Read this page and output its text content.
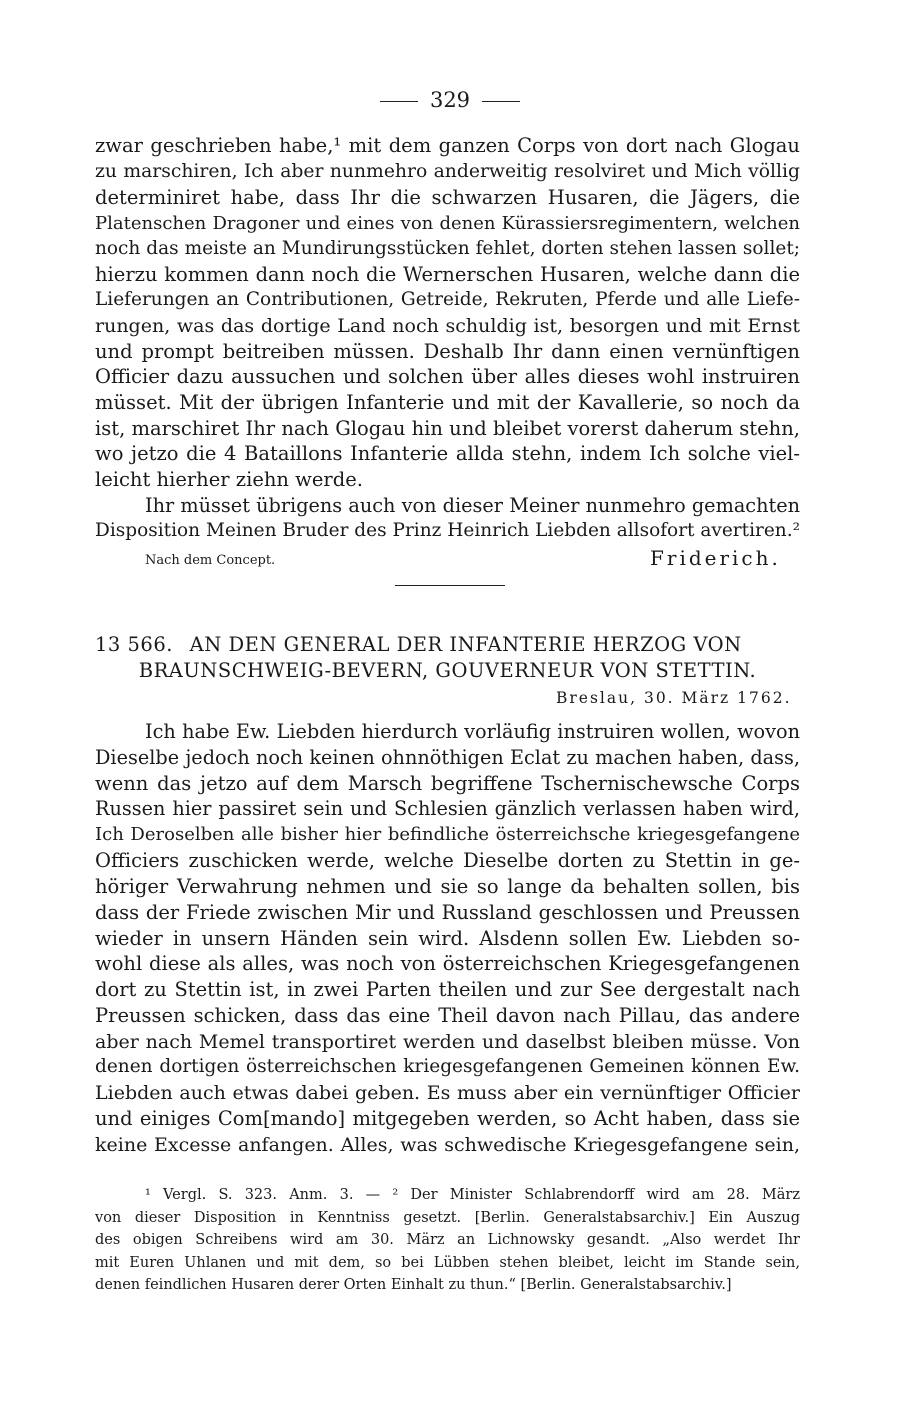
329
zwar geschrieben habe,¹ mit dem ganzen Corps von dort nach Glogau
zu marschiren, Ich aber nunmehro anderweitig resolviret und Mich völlig
determiniret habe, dass Ihr die schwarzen Husaren, die Jägers, die
Platenschen Dragoner und eines von denen Kürassiersregimentern, welchen
noch das meiste an Mundirungsstücken fehlet, dorten stehen lassen sollet;
hierzu kommen dann noch die Wernerschen Husaren, welche dann die
Lieferungen an Contributionen, Getreide, Rekruten, Pferde und alle Liefe-
rungen, was das dortige Land noch schuldig ist, besorgen und mit Ernst
und prompt beitreiben müssen. Deshalb Ihr dann einen vernünftigen
Officier dazu aussuchen und solchen über alles dieses wohl instruiren
müsset. Mit der übrigen Infanterie und mit der Kavallerie, so noch da
ist, marschiret Ihr nach Glogau hin und bleibet vorerst daherum stehn,
wo jetzo die 4 Bataillons Infanterie allda stehn, indem Ich solche viel-
leicht hierher ziehn werde.
Ihr müsset übrigens auch von dieser Meiner nunmehro gemachten
Disposition Meinen Bruder des Prinz Heinrich Liebden allsofort avertiren.²
Nach dem Concept.	Friderich.
13 566. AN DEN GENERAL DER INFANTERIE HERZOG VON
BRAUNSCHWEIG-BEVERN, GOUVERNEUR VON STETTIN.
Breslau, 30. März 1762.
Ich habe Ew. Liebden hierdurch vorläufig instruiren wollen, wovon
Dieselbe jedoch noch keinen ohnnöthigen Eclat zu machen haben, dass,
wenn das jetzo auf dem Marsch begriffene Tschernischewsche Corps
Russen hier passiret sein und Schlesien gänzlich verlassen haben wird,
Ich Deroselben alle bisher hier befindliche österreichsche kriegesgefangene
Officiers zuschicken werde, welche Dieselbe dorten zu Stettin in ge-
höriger Verwahrung nehmen und sie so lange da behalten sollen, bis
dass der Friede zwischen Mir und Russland geschlossen und Preussen
wieder in unsern Händen sein wird. Alsdenn sollen Ew. Liebden so-
wohl diese als alles, was noch von österreichschen Kriegesgefangenen
dort zu Stettin ist, in zwei Parten theilen und zur See dergestalt nach
Preussen schicken, dass das eine Theil davon nach Pillau, das andere
aber nach Memel transportiret werden und daselbst bleiben müsse. Von
denen dortigen österreichschen kriegesgefangenen Gemeinen können Ew.
Liebden auch etwas dabei geben. Es muss aber ein vernünftiger Officier
und einiges Com[mando] mitgegeben werden, so Acht haben, dass sie
keine Excesse anfangen. Alles, was schwedische Kriegesgefangene sein,
¹ Vergl. S. 323. Anm. 3. — ² Der Minister Schlabrendorff wird am 28. März
von dieser Disposition in Kenntniss gesetzt. [Berlin. Generalstabsarchiv.] Ein Auszug
des obigen Schreibens wird am 30. März an Lichnowsky gesandt. „Also werdet Ihr
mit Euren Uhlanen und mit dem, so bei Lübben stehen bleibet, leicht im Stande sein,
denen feindlichen Husaren derer Orten Einhalt zu thun.“ [Berlin. Generalstabsarchiv.]
